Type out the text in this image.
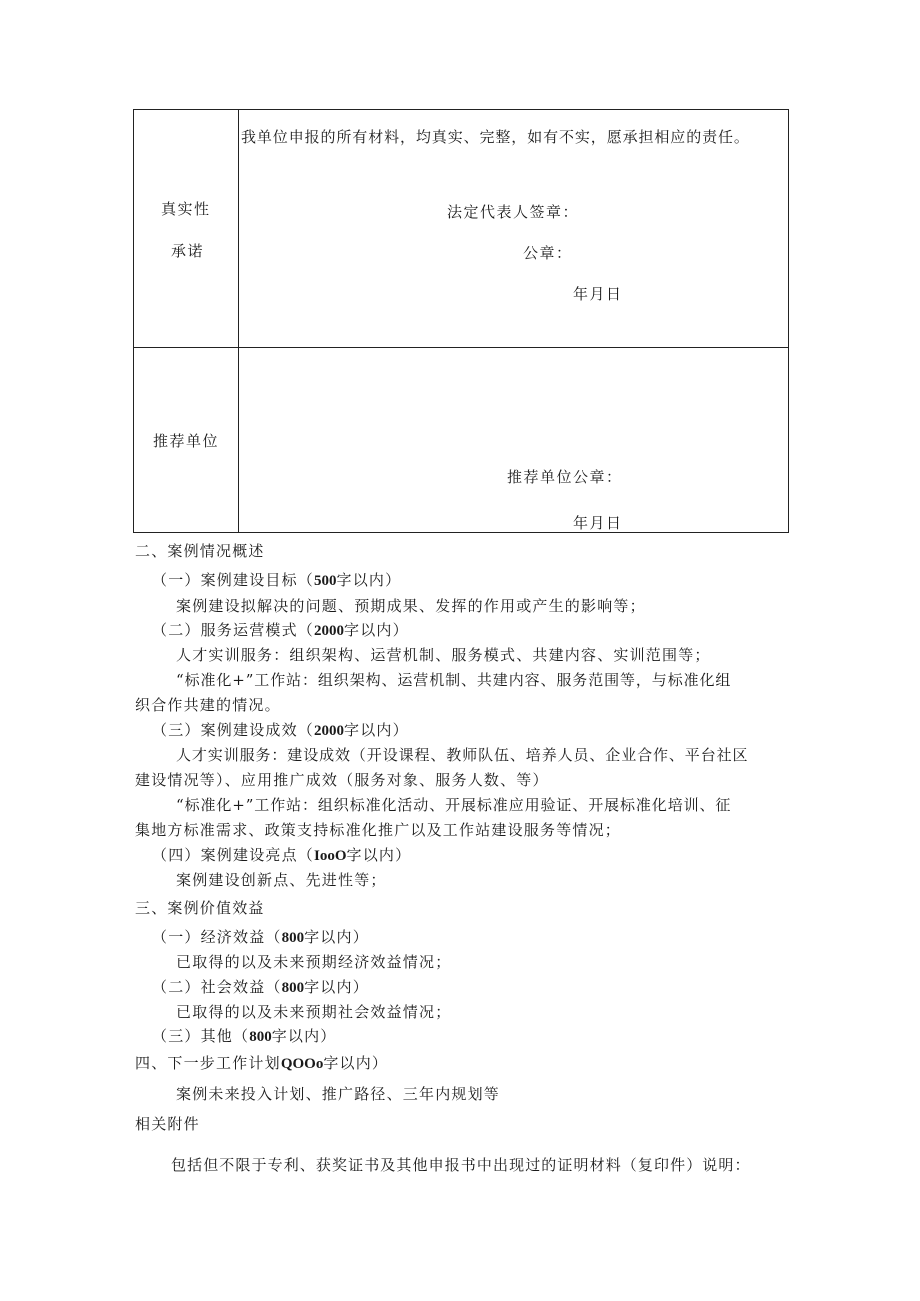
真实性
承诺
我单位申报的所有材料，均真实、完整，如有不实，愿承担相应的责任。
法定代表人签章：
公章：
年月日
推荐单位
推荐单位公章：
年月日
二、案例情况概述
（一）案例建设目标（500字以内）
案例建设拟解决的问题、预期成果、发挥的作用或产生的影响等；
（二）服务运营模式（2000字以内）
人才实训服务：组织架构、运营机制、服务模式、共建内容、实训范围等；
“标准化+”工作站：组织架构、运营机制、共建内容、服务范围等，与标准化组
织合作共建的情况。
（三）案例建设成效（2000字以内）
人才实训服务：建设成效（开设课程、教师队伍、培养人员、企业合作、平台社区
建设情况等）、应用推广成效（服务对象、服务人数、等）
“标准化+”工作站：组织标准化活动、开展标准应用验证、开展标准化培训、征
集地方标准需求、政策支持标准化推广以及工作站建设服务等情况；
（四）案例建设亮点（IooO字以内）
案例建设创新点、先进性等；
三、案例价值效益
（一）经济效益（800字以内）
已取得的以及未来预期经济效益情况；
（二）社会效益（800字以内）
已取得的以及未来预期社会效益情况；
（三）其他（800字以内）
四、下一步工作计划QOOo字以内）
案例未来投入计划、推广路径、三年内规划等
相关附件
包括但不限于专利、获奖证书及其他申报书中出现过的证明材料（复印件）说明：
